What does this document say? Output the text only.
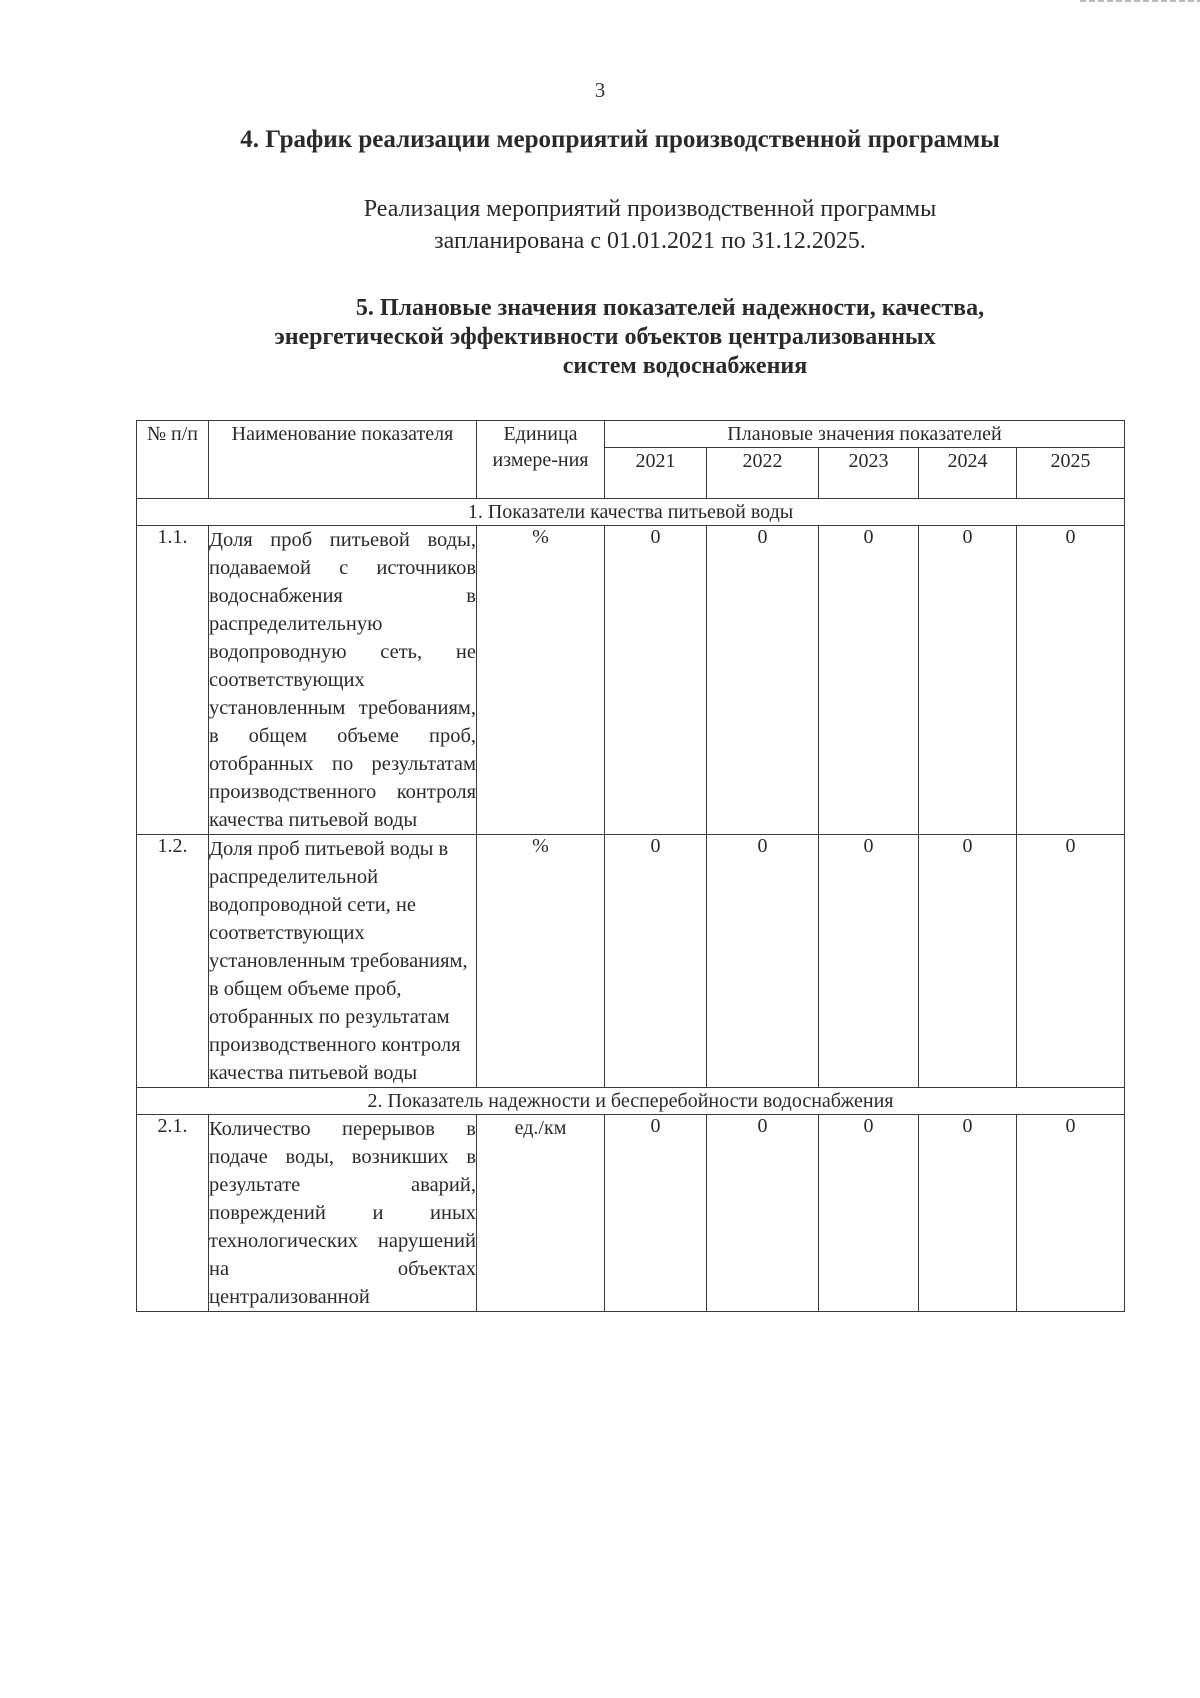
3
4. График реализации мероприятий производственной программы
Реализация мероприятий производственной программы
запланирована с 01.01.2021 по 31.12.2025.
5. Плановые значения показателей надежности, качества,
энергетической эффективности объектов централизованных
систем водоснабжения
№ п/п	Наименование показателя	Единица измере-ния	Плановые значения показателей				
			2021	2022	2023	2024	2025
1. Показатели качества питьевой воды							
1.1.	Доля проб питьевой воды, подаваемой с источников водоснабжения в распределительную водопроводную сеть, не соответствующих установленным требованиям, в общем объеме проб, отобранных по результатам производственного контроля качества питьевой воды	%	0	0	0	0	0
1.2.	Доля проб питьевой воды в распределительной водопроводной сети, не соответствующих установленным требованиям, в общем объеме проб, отобранных по результатам производственного контроля качества питьевой воды	%	0	0	0	0	0
2. Показатель надежности и бесперебойности водоснабжения							
2.1.	Количество перерывов в подаче воды, возникших в результате аварий, повреждений и иных технологических нарушений на объектах централизованной	ед./км	0	0	0	0	0
